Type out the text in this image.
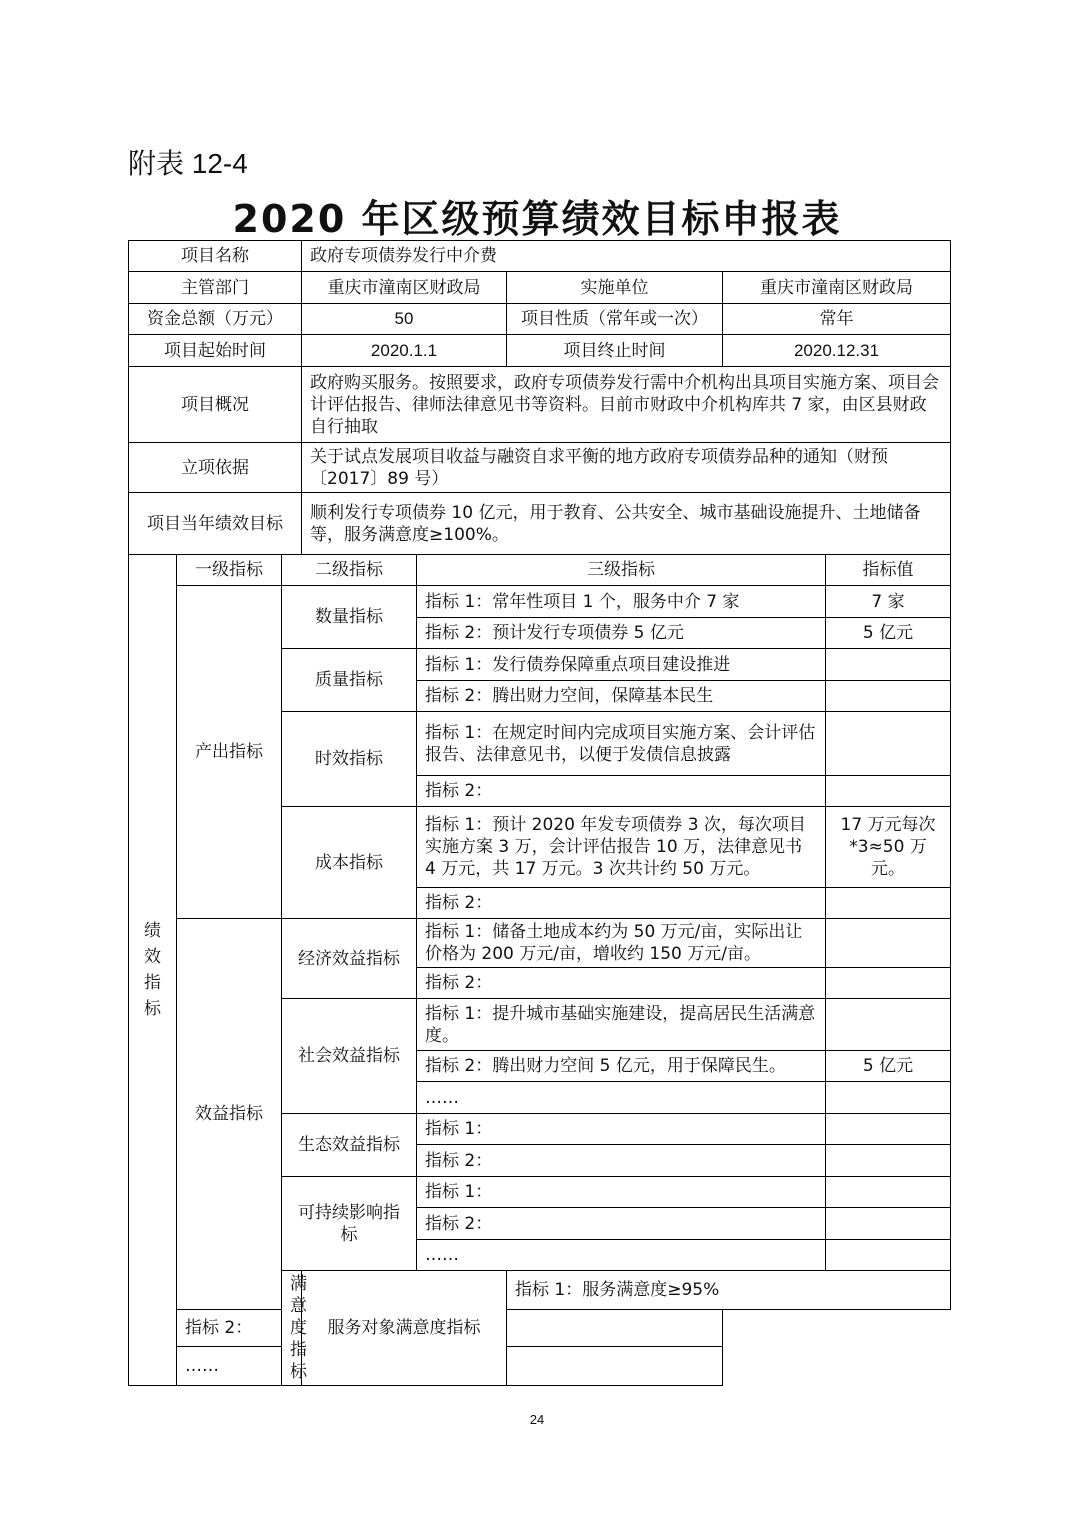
附表 12-4
2020 年区级预算绩效目标申报表
项目名称			政府专项债券发行中介费					
主管部门			重庆市潼南区财政局		实施单位	重庆市潼南区财政局		
资金总额（万元）			50		项目性质（常年或一次）	常年		
项目起始时间			2020.1.1		项目终止时间	2020.12.31		
项目概况			政府购买服务。按照要求，政府专项债券发行需中介机构出具项目实施方案、项目会计评估报告、律师法律意见书等资料。目前市财政中介机构库共 7 家，由区县财政自行抽取					
立项依据			关于试点发展项目收益与融资自求平衡的地方政府专项债券品种的通知（财预〔2017〕89 号）					
项目当年绩效目标			顺利发行专项债券 10 亿元，用于教育、公共安全、城市基础设施提升、土地储备等，服务满意度≥100%。					
绩效指标	一级指标	二级指标		三级指标			指标值	
	产出指标	数量指标		指标 1：常年性项目 1 个，服务中介 7 家			7 家	
				指标 2：预计发行专项债券 5 亿元			5 亿元	
		质量指标		指标 1：发行债券保障重点项目建设推进				
				指标 2：腾出财力空间，保障基本民生				
		时效指标		指标 1：在规定时间内完成项目实施方案、会计评估报告、法律意见书，以便于发债信息披露				
				指标 2：				
		成本指标		指标 1：预计 2020 年发专项债券 3 次，每次项目实施方案 3 万，会计评估报告 10 万，法律意见书 4 万元，共 17 万元。3 次共计约 50 万元。			17 万元每次*3≈50 万元。	
				指标 2：				
	效益指标	经济效益指标		指标 1：储备土地成本约为 50 万元/亩，实际出让价格为 200 万元/亩，增收约 150 万元/亩。				
				指标 2：				
		社会效益指标		指标 1：提升城市基础实施建设，提高居民生活满意度。				
				指标 2：腾出财力空间 5 亿元，用于保障民生。			5 亿元	
				……				
		生态效益指标		指标 1：				
				指标 2：				
		可持续影响指标		指标 1：				
				指标 2：				
				……				
		满意度指标	服务对象满意度指标		指标 1：服务满意度≥95%	
	指标 2：							
	……							
24
